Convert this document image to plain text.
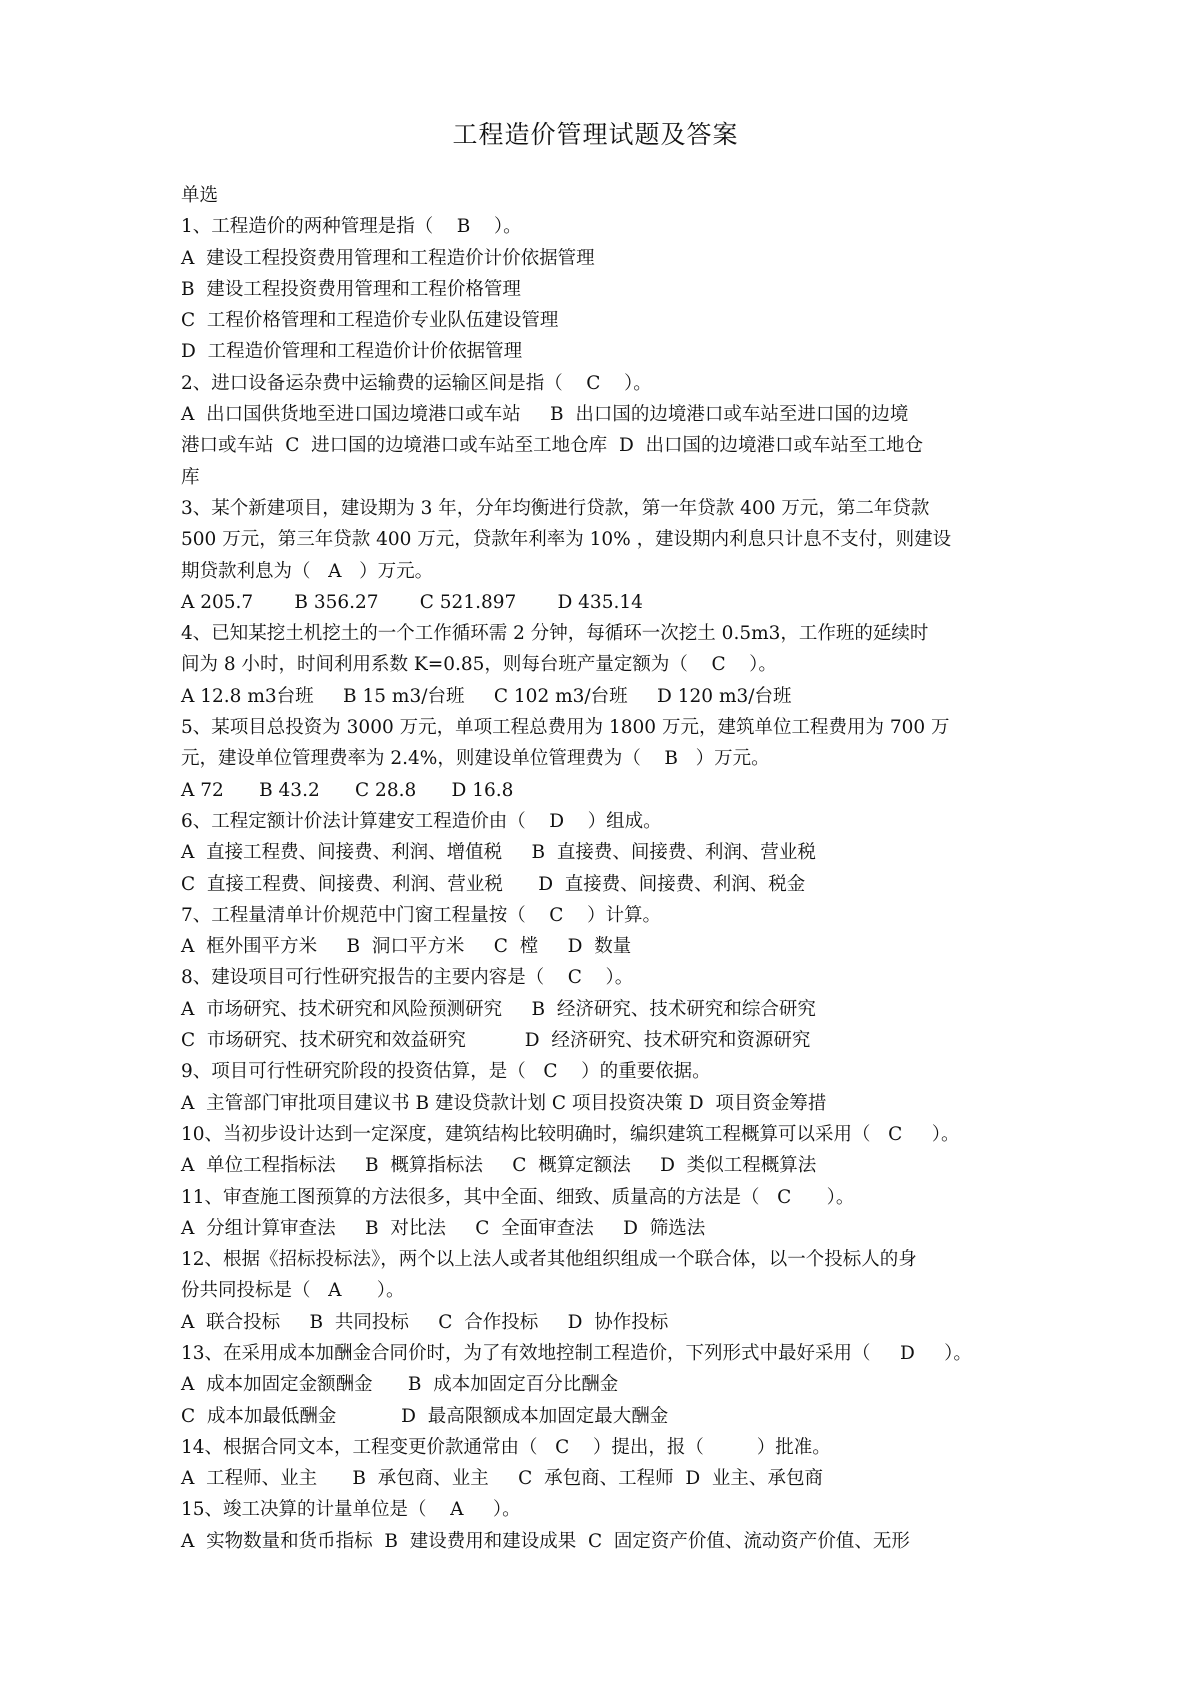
工程造价管理试题及答案
单选
1、工程造价的两种管理是指（    B    ）。
A  建设工程投资费用管理和工程造价计价依据管理
B  建设工程投资费用管理和工程价格管理
C  工程价格管理和工程造价专业队伍建设管理
D  工程造价管理和工程造价计价依据管理
2、进口设备运杂费中运输费的运输区间是指（    C    ）。
A  出口国供货地至进口国边境港口或车站     B  出口国的边境港口或车站至进口国的边境
港口或车站  C  进口国的边境港口或车站至工地仓库  D  出口国的边境港口或车站至工地仓
库
3、某个新建项目，建设期为 3 年，分年均衡进行贷款，第一年贷款 400 万元，第二年贷款
500 万元，第三年贷款 400 万元，贷款年利率为 10% ，建设期内利息只计息不支付，则建设
期贷款利息为（   A   ）万元。
A 205.7       B 356.27       C 521.897       D 435.14
4、已知某挖土机挖土的一个工作循环需 2 分钟，每循环一次挖土 0.5m3，工作班的延续时
间为 8 小时，时间利用系数 K=0.85，则每台班产量定额为（    C    ）。
A 12.8 m3台班     B 15 m3/台班     C 102 m3/台班     D 120 m3/台班
5、某项目总投资为 3000 万元，单项工程总费用为 1800 万元，建筑单位工程费用为 700 万
元，建设单位管理费率为 2.4%，则建设单位管理费为（    B   ）万元。
A 72      B 43.2      C 28.8      D 16.8
6、工程定额计价法计算建安工程造价由（    D    ）组成。
A  直接工程费、间接费、利润、增值税     B  直接费、间接费、利润、营业税
C  直接工程费、间接费、利润、营业税      D  直接费、间接费、利润、税金
7、工程量清单计价规范中门窗工程量按（    C    ）计算。
A  框外围平方米     B  洞口平方米     C  樘     D  数量
8、建设项目可行性研究报告的主要内容是（    C    ）。
A  市场研究、技术研究和风险预测研究     B  经济研究、技术研究和综合研究
C  市场研究、技术研究和效益研究          D  经济研究、技术研究和资源研究
9、项目可行性研究阶段的投资估算，是（   C    ）的重要依据。
A  主管部门审批项目建议书 B 建设贷款计划 C 项目投资决策 D  项目资金筹措
10、当初步设计达到一定深度，建筑结构比较明确时，编织建筑工程概算可以采用（   C     ）。
A  单位工程指标法     B  概算指标法     C  概算定额法     D  类似工程概算法
11、审查施工图预算的方法很多，其中全面、细致、质量高的方法是（   C      ）。
A  分组计算审查法     B  对比法     C  全面审查法     D  筛选法
12、根据《招标投标法》，两个以上法人或者其他组织组成一个联合体，以一个投标人的身
份共同投标是（   A      ）。
A  联合投标     B  共同投标     C  合作投标     D  协作投标
13、在采用成本加酬金合同价时，为了有效地控制工程造价，下列形式中最好采用（     D     ）。
A  成本加固定金额酬金      B  成本加固定百分比酬金
C  成本加最低酬金           D  最高限额成本加固定最大酬金
14、根据合同文本，工程变更价款通常由（   C    ）提出，报（         ）批准。
A  工程师、业主      B  承包商、业主     C  承包商、工程师  D  业主、承包商
15、竣工决算的计量单位是（    A     ）。
A  实物数量和货币指标  B  建设费用和建设成果  C  固定资产价值、流动资产价值、无形
